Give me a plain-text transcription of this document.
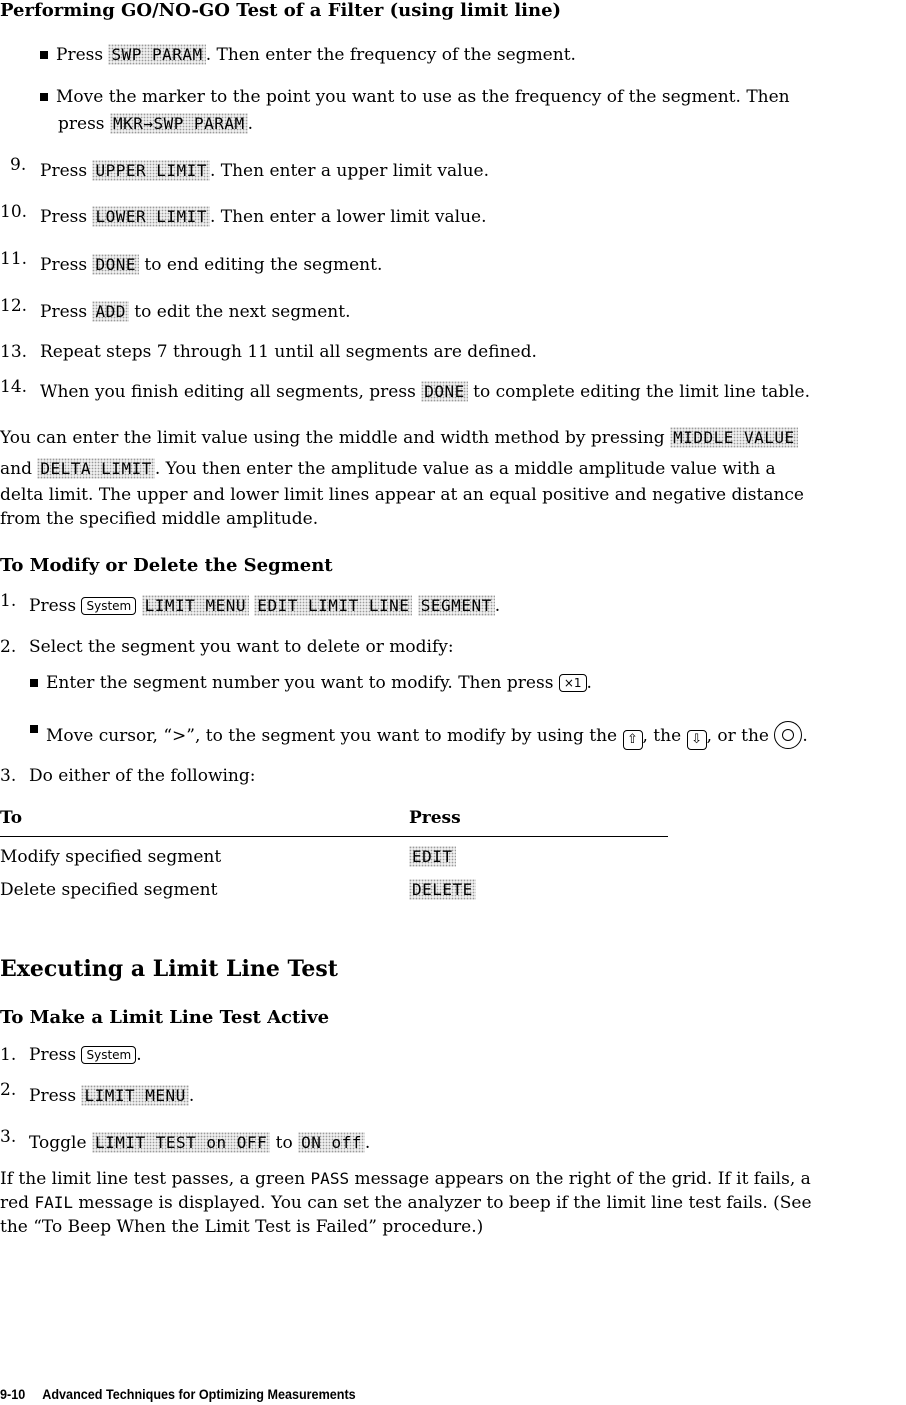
Performing GO/NO-GO Test of a Filter (using limit line)
Press SWP PARAM . Then enter the frequency of the segment.
Move the marker to the point you want to use as the frequency of the segment. Then
press MKR→SWP PARAM .
9. Press UPPER LIMIT . Then enter a upper limit value.
10. Press LOWER LIMIT . Then enter a lower limit value.
11. Press DONE to end editing the segment.
12. Press ADD to edit the next segment.
13. Repeat steps 7 through 11 until all segments are defined.
14. When you finish editing all segments, press DONE to complete editing the limit line table.
You can enter the limit value using the middle and width method by pressing MIDDLE VALUE
and DELTA LIMIT . You then enter the amplitude value as a middle amplitude value with a
delta limit. The upper and lower limit lines appear at an equal positive and negative distance
from the specified middle amplitude.
To Modify or Delete the Segment
1. Press System LIMIT MENU EDIT LIMIT LINE SEGMENT .
2. Select the segment you want to delete or modify:
Enter the segment number you want to modify. Then press ×1 .
Move cursor, “>”, to the segment you want to modify by using the ⇧ , the ⇩ , or the .
3. Do either of the following:
To	Press
Modify specified segment	EDIT
Delete specified segment	DELETE
Executing a Limit Line Test
To Make a Limit Line Test Active
1. Press System .
2. Press LIMIT MENU .
3. Toggle LIMIT TEST on OFF to ON off .
If the limit line test passes, a green PASS message appears on the right of the grid. If it fails, a
red FAIL message is displayed. You can set the analyzer to beep if the limit line test fails. (See
the “To Beep When the Limit Test is Failed” procedure.)
9-10     Advanced Techniques for Optimizing Measurements
